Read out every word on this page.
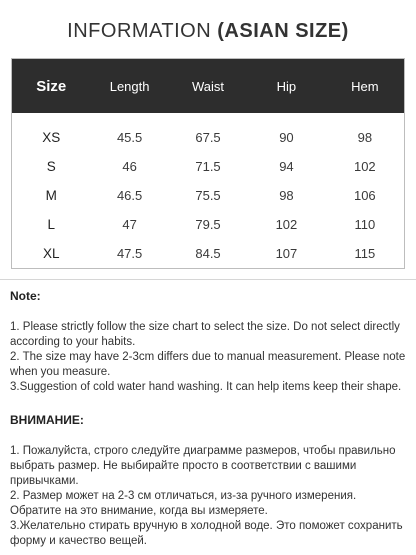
INFORMATION (ASIAN SIZE)
Size	Length	Waist	Hip	Hem
XS	45.5	67.5	90	98
S	46	71.5	94	102
M	46.5	75.5	98	106
L	47	79.5	102	110
XL	47.5	84.5	107	115
Note:
1. Please strictly follow the size chart to select the size. Do not select directly according to your habits.
2. The size may have 2-3cm differs due to manual measurement. Please note when you measure.
3.Suggestion of cold water hand washing. It can help items keep their shape.
ВНИМАНИЕ:
1. Пожалуйста, строго следуйте диаграмме размеров, чтобы правильно выбрать размер. Не выбирайте просто в соответствии с вашими привычками.
2. Размер может на 2-3 см отличаться, из-за ручного измерения. Обратите на это внимание, когда вы измеряете.
3.Желательно стирать вручную в холодной воде. Это поможет сохранить форму и качество вещей.
